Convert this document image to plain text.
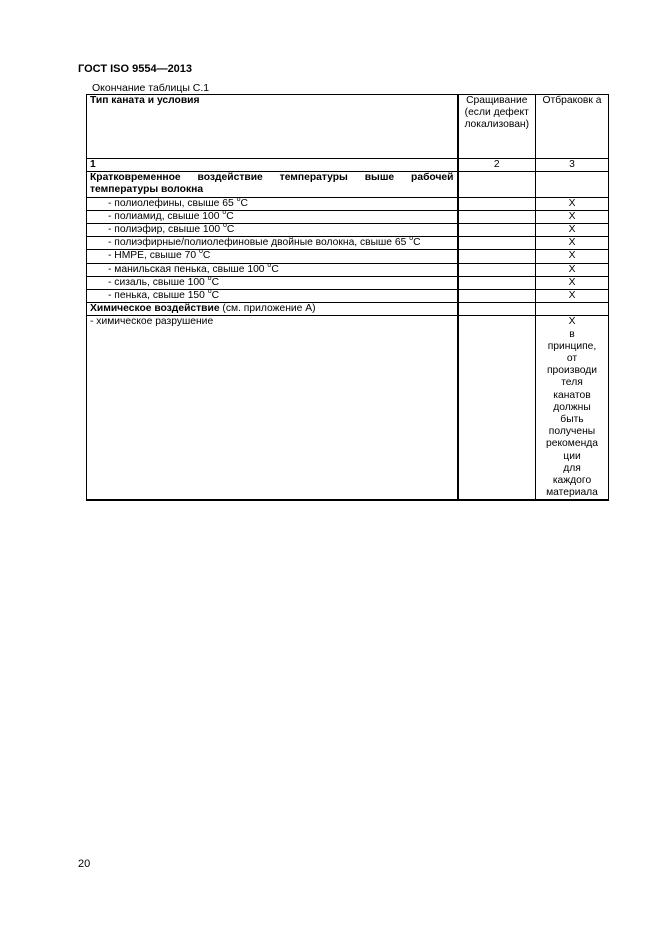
ГОСТ ISO 9554—2013
Окончание таблицы С.1
Тип каната и условия	Сращивание (если дефект локализован)	Отбраковк а
1	2	3
Кратковременное воздействие температуры выше рабочей температуры волокна		
- полиолефины, свыше 65 $^o$C		X
- полиамид, свыше 100 $^o$C		X
- полиэфир, свыше 100 $^o$C		X
- полиэфирные/полиолефиновые двойные волокна, свыше 65 $^o$C		X
- HMPE, свыше 70 $^o$C		X
- манильская пенька, свыше 100 $^o$C		X
- сизаль, свыше 100 $^o$C		X
- пенька, свыше 150 $^o$C		X
Химическое воздействие (см. приложение А)		
- химическое разрушение		X в принципе, от производи теля канатов должны быть получены рекоменда ции для каждого материала
20
